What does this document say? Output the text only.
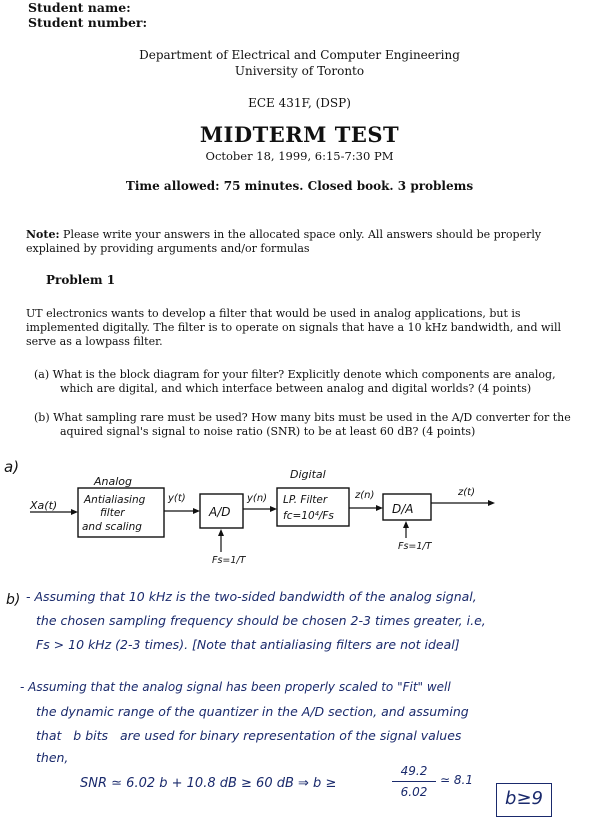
Student name:
Student number:
Department of Electrical and Computer Engineering
University of Toronto
ECE 431F, (DSP)
MIDTERM TEST
October 18, 1999, 6:15-7:30 PM
Time allowed: 75 minutes. Closed book. 3 problems
Note: Please write your answers in the allocated space only. All answers should be properly explained by providing arguments and/or formulas
Problem 1
UT electronics wants to develop a filter that would be used in analog applications, but is implemented digitally. The filter is to operate on signals that have a 10 kHz bandwidth, and will serve as a lowpass filter.
(a) What is the block diagram for your filter? Explicitly denote which components are analog, which are digital, and which interface between analog and digital worlds? (4 points)
(b) What sampling rare must be used? How many bits must be used in the A/D converter for the aquired signal's signal to noise ratio (SNR) to be at least 60 dB? (4 points)
a)
Analog
Digital
Xa(t)	Antialiasing
filter
and scaling
y(t)
A/D
Fs=1/T
y(n) LP. Filter
fc=10⁴/Fs
z(n)
D/A
Fs=1/T
z(t)
b) - Assuming that 10 kHz is the two-sided bandwidth of the analog signal,
the chosen sampling frequency should be chosen 2-3 times greater, i.e,
Fs > 10 kHz (2-3 times). [Note that antialiasing filters are not ideal]
- Assuming that the analog signal has been properly scaled to "Fit" well
the dynamic range of the quantizer in the A/D section, and assuming
that   b bits   are used for binary representation of the signal values
then,
SNR ≃ 6.02 b + 10.8 dB ≥ 60 dB ⇒ b ≥
49.2
6.02
≃ 8.1
b≥9
